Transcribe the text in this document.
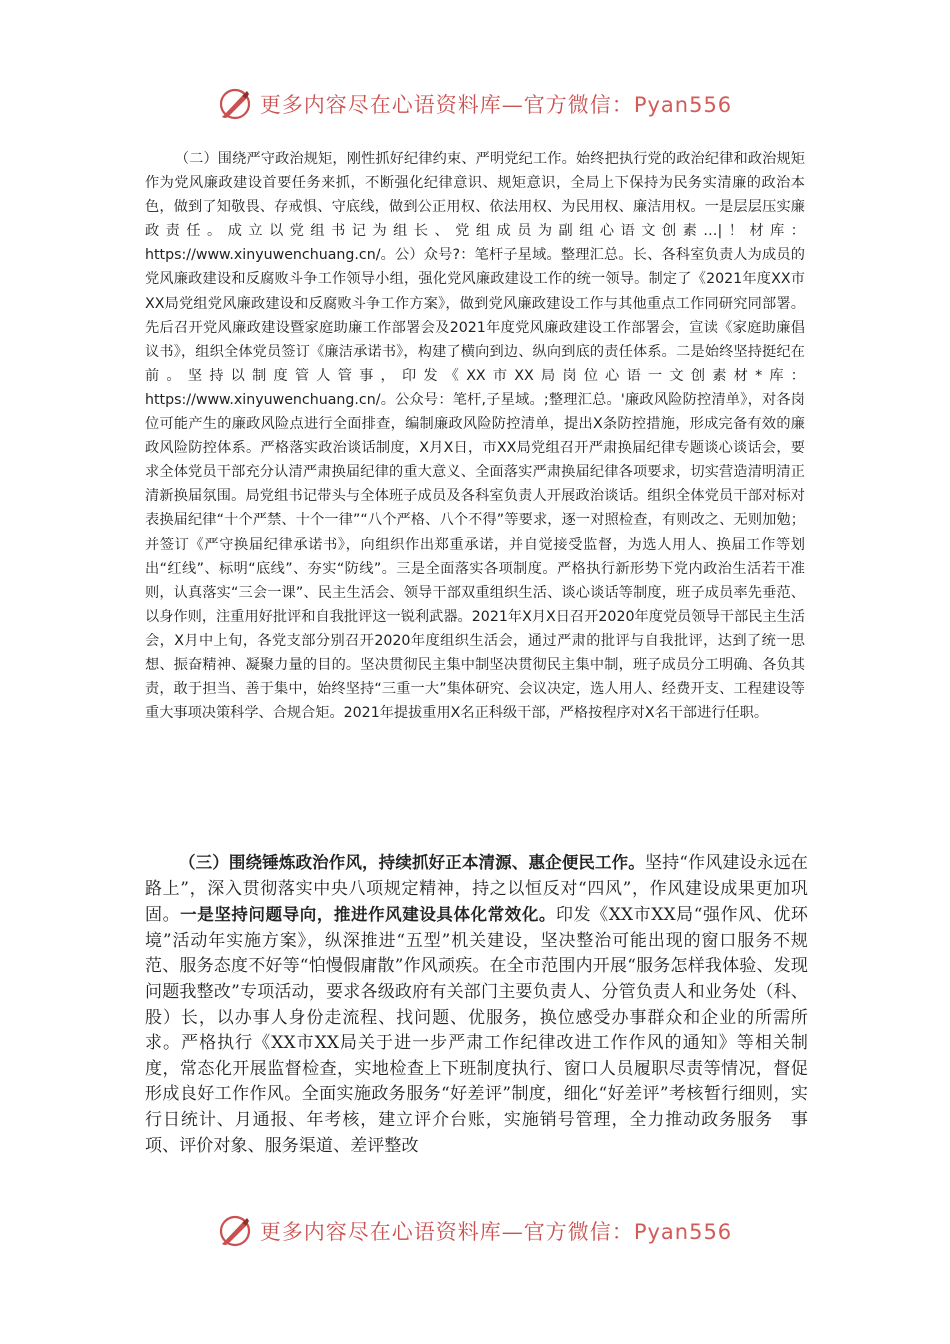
更多内容尽在心语资料库—官方微信：Pyan556

（二）围绕严守政治规矩，刚性抓好纪律约束、严明党纪工作。始终把执行党的政治纪律和政治规矩作为党风廉政建设首要任务来抓，不断强化纪律意识、规矩意识，全局上下保持为民务实清廉的政治本色，做到了知敬畏、存戒惧、守底线，做到公正用权、依法用权、为民用权、廉洁用权。一是层层压实廉政责任。成立以党组书记为组长、党组成员为副组心语文创素…|！材库：https://www.xinyuwenchuang.cn/。公）众号?：笔杆子星域。整理汇总。长、各科室负责人为成员的党风廉政建设和反腐败斗争工作领导小组，强化党风廉政建设工作的统一领导。制定了《2021年度XX市XX局党组党风廉政建设和反腐败斗争工作方案》，做到党风廉政建设工作与其他重点工作同研究同部署。先后召开党风廉政建设暨家庭助廉工作部署会及2021年度党风廉政建设工作部署会，宣读《家庭助廉倡议书》，组织全体党员签订《廉洁承诺书》，构建了横向到边、纵向到底的责任体系。二是始终坚持挺纪在前。坚持以制度管人管事，印发《XX市XX局岗位心语一文创素材*库：https://www.xinyuwenchuang.cn/。公众号：笔杆,子星域。;整理汇总。'廉政风险防控清单》，对各岗位可能产生的廉政风险点进行全面排查，编制廉政风险防控清单，提出X条防控措施，形成完备有效的廉政风险防控体系。严格落实政治谈话制度，X月X日，市XX局党组召开严肃换届纪律专题谈心谈话会，要求全体党员干部充分认清严肃换届纪律的重大意义、全面落实严肃换届纪律各项要求，切实营造清明清正清新换届氛围。局党组书记带头与全体班子成员及各科室负责人开展政治谈话。组织全体党员干部对标对表换届纪律“十个严禁、十个一律”“八个严格、八个不得”等要求，逐一对照检查，有则改之、无则加勉；并签订《严守换届纪律承诺书》，向组织作出郑重承诺，并自觉接受监督，为选人用人、换届工作等划出“红线”、标明“底线”、夯实“防线”。三是全面落实各项制度。严格执行新形势下党内政治生活若干准则，认真落实“三会一课”、民主生活会、领导干部双重组织生活、谈心谈话等制度，班子成员率先垂范、以身作则，注重用好批评和自我批评这一锐利武器。2021年X月X日召开2020年度党员领导干部民主生活会，X月中上旬，各党支部分别召开2020年度组织生活会，通过严肃的批评与自我批评，达到了统一思想、振奋精神、凝聚力量的目的。坚决贯彻民主集中制坚决贯彻民主集中制，班子成员分工明确、各负其责，敢于担当、善于集中，始终坚持“三重一大”集体研究、会议决定，选人用人、经费开支、工程建设等重大事项决策科学、合规合矩。2021年提拔重用X名正科级干部，严格按程序对X名干部进行任职。

（三）围绕锤炼政治作风，持续抓好正本清源、惠企便民工作。坚持“作风建设永远在路上”，深入贯彻落实中央八项规定精神，持之以恒反对“四风”，作风建设成果更加巩固。一是坚持问题导向，推进作风建设具体化常效化。印发《XX市XX局“强作风、优环境”活动年实施方案》，纵深推进“五型”机关建设，坚决整治可能出现的窗口服务不规范、服务态度不好等“怕慢假庸散”作风顽疾。在全市范围内开展“服务怎样我体验、发现问题我整改”专项活动，要求各级政府有关部门主要负责人、分管负责人和业务处（科、股）长，以办事人身份走流程、找问题、优服务，换位感受办事群众和企业的所需所求。严格执行《XX市XX局关于进一步严肃工作纪律改进工作作风的通知》等相关制度，常态化开展监督检查，实地检查上下班制度执行、窗口人员履职尽责等情况，督促形成良好工作作风。全面实施政务服务“好差评”制度，细化“好差评”考核暂行细则，实行日统计、月通报、年考核，建立评介台账，实施销号管理，全力推动政务服务　事项、评价对象、服务渠道、差评整改

更多内容尽在心语资料库—官方微信：Pyan556
